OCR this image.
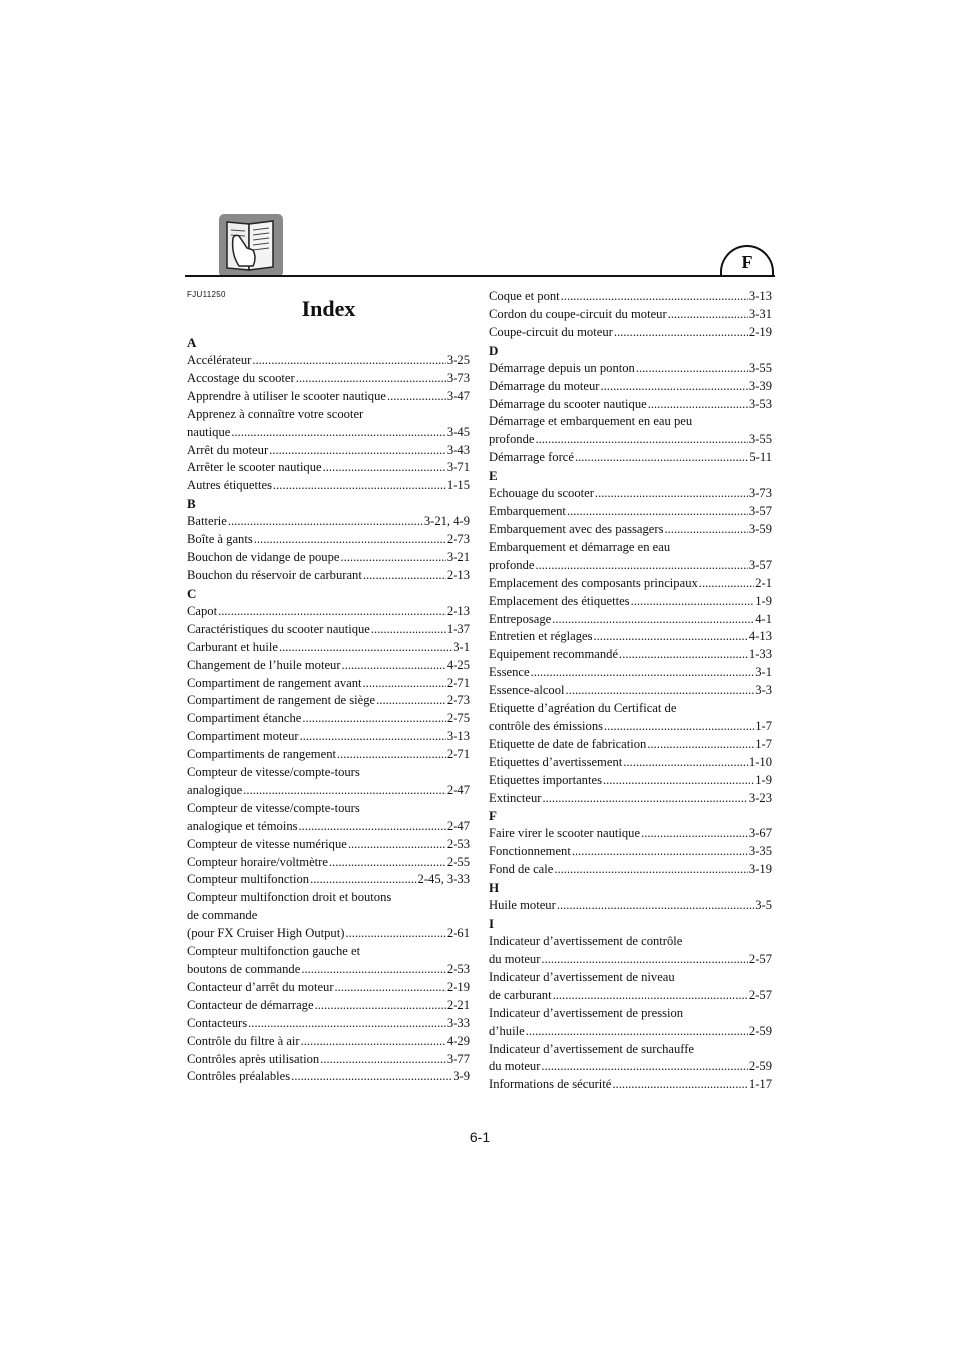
F
FJU11250
Index
A
Accélérateur .....	3-25
Accostage du scooter .....	3-73
Apprendre à utiliser le scooter nautique .....	3-47
Apprenez à connaître votre scooter
nautique .....	3-45
Arrêt du moteur .....	3-43
Arrêter le scooter nautique .....	3-71
Autres étiquettes .....	1-15
B
Batterie .....	3-21, 4-9
Boîte à gants .....	2-73
Bouchon de vidange de poupe .....	3-21
Bouchon du réservoir de carburant .....	2-13
C
Capot .....	2-13
Caractéristiques du scooter nautique .....	1-37
Carburant et huile .....	3-1
Changement de l’huile moteur .....	4-25
Compartiment de rangement avant .....	2-71
Compartiment de rangement de siège .....	2-73
Compartiment étanche .....	2-75
Compartiment moteur .....	3-13
Compartiments de rangement .....	2-71
Compteur de vitesse/compte-tours
analogique .....	2-47
Compteur de vitesse/compte-tours
analogique et témoins .....	2-47
Compteur de vitesse numérique .....	2-53
Compteur horaire/voltmètre .....	2-55
Compteur multifonction .....	2-45, 3-33
Compteur multifonction droit et boutons
de commande
(pour FX Cruiser High Output) .....	2-61
Compteur multifonction gauche et
boutons de commande .....	2-53
Contacteur d’arrêt du moteur .....	2-19
Contacteur de démarrage .....	2-21
Contacteurs .....	3-33
Contrôle du filtre à air .....	4-29
Contrôles après utilisation .....	3-77
Contrôles préalables .....	3-9
Coque et pont .....	3-13
Cordon du coupe-circuit du moteur .....	3-31
Coupe-circuit du moteur .....	2-19
D
Démarrage depuis un ponton .....	3-55
Démarrage du moteur .....	3-39
Démarrage du scooter nautique .....	3-53
Démarrage et embarquement en eau peu
profonde .....	3-55
Démarrage forcé .....	5-11
E
Echouage du scooter .....	3-73
Embarquement .....	3-57
Embarquement avec des passagers .....	3-59
Embarquement et démarrage en eau
profonde .....	3-57
Emplacement des composants principaux .....	2-1
Emplacement des étiquettes .....	1-9
Entreposage .....	4-1
Entretien et réglages .....	4-13
Equipement recommandé .....	1-33
Essence .....	3-1
Essence-alcool .....	3-3
Etiquette d’agréation du Certificat de
contrôle des émissions .....	1-7
Etiquette de date de fabrication .....	1-7
Etiquettes d’avertissement .....	1-10
Etiquettes importantes .....	1-9
Extincteur .....	3-23
F
Faire virer le scooter nautique .....	3-67
Fonctionnement .....	3-35
Fond de cale .....	3-19
H
Huile moteur .....	3-5
I
Indicateur d’avertissement de contrôle
du moteur .....	2-57
Indicateur d’avertissement de niveau
de carburant .....	2-57
Indicateur d’avertissement de pression
d’huile .....	2-59
Indicateur d’avertissement de surchauffe
du moteur .....	2-59
Informations de sécurité .....	1-17
6-1
